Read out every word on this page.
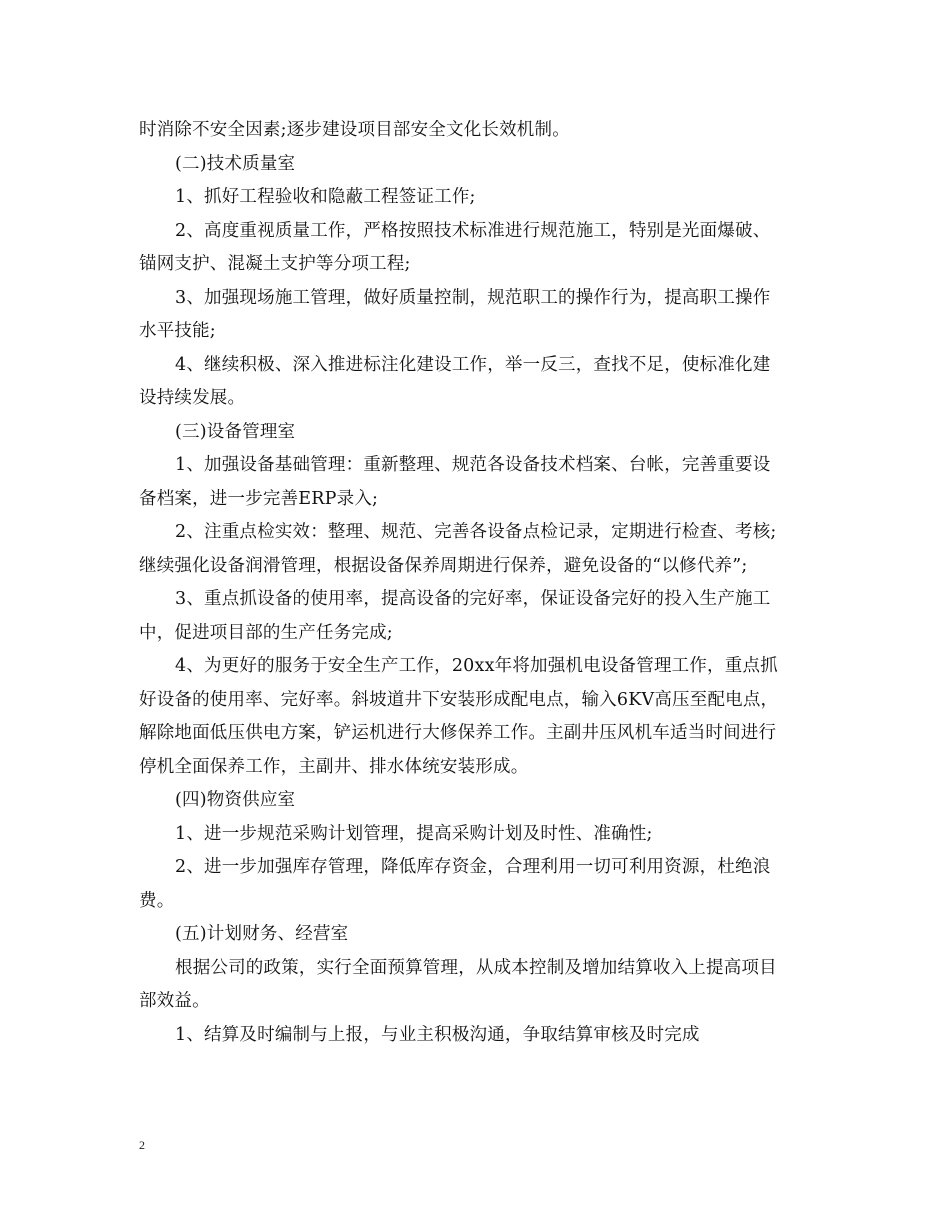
时消除不安全因素;逐步建设项目部安全文化长效机制。
(二)技术质量室
1、抓好工程验收和隐蔽工程签证工作;
2、高度重视质量工作，严格按照技术标准进行规范施工，特别是光面爆破、
锚网支护、混凝土支护等分项工程;
3、加强现场施工管理，做好质量控制，规范职工的操作行为，提高职工操作
水平技能;
4、继续积极、深入推进标注化建设工作，举一反三，查找不足，使标准化建
设持续发展。
(三)设备管理室
1、加强设备基础管理：重新整理、规范各设备技术档案、台帐，完善重要设
备档案，进一步完善ERP录入;
2、注重点检实效：整理、规范、完善各设备点检记录，定期进行检查、考核;
继续强化设备润滑管理，根据设备保养周期进行保养，避免设备的“以修代养”;
3、重点抓设备的使用率，提高设备的完好率，保证设备完好的投入生产施工
中，促进项目部的生产任务完成;
4、为更好的服务于安全生产工作，20xx年将加强机电设备管理工作，重点抓
好设备的使用率、完好率。斜坡道井下安装形成配电点，输入6KV高压至配电点，
解除地面低压供电方案，铲运机进行大修保养工作。主副井压风机车适当时间进行
停机全面保养工作，主副井、排水体统安装形成。
(四)物资供应室
1、进一步规范采购计划管理，提高采购计划及时性、准确性;
2、进一步加强库存管理，降低库存资金，合理利用一切可利用资源，杜绝浪
费。
(五)计划财务、经营室
根据公司的政策，实行全面预算管理，从成本控制及增加结算收入上提高项目
部效益。
1、结算及时编制与上报，与业主积极沟通，争取结算审核及时完成
2
